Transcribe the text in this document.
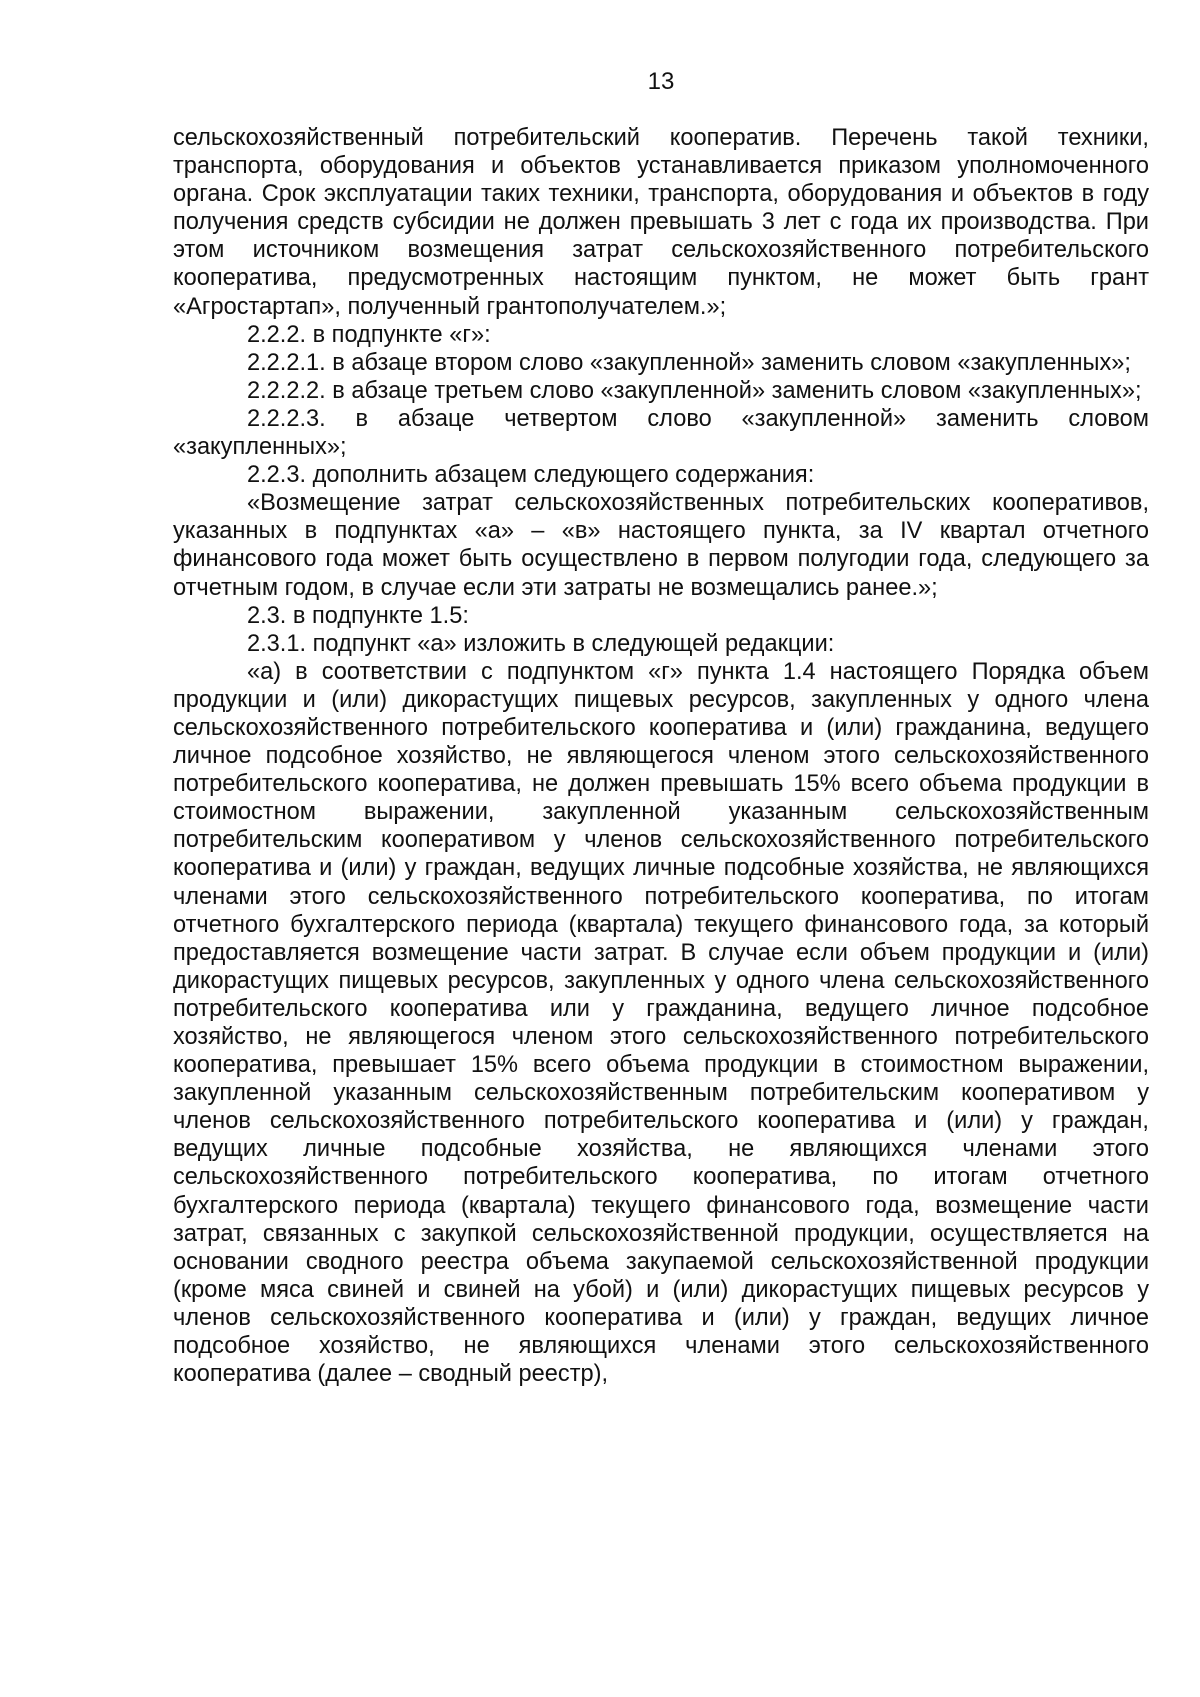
13

сельскохозяйственный потребительский кооператив. Перечень такой техники, транспорта, оборудования и объектов устанавливается приказом уполномоченного органа. Срок эксплуатации таких техники, транспорта, оборудования и объектов в году получения средств субсидии не должен превышать 3 лет с года их производства. При этом источником возмещения затрат сельскохозяйственного потребительского кооператива, предусмотренных настоящим пунктом, не может быть грант «Агростартап», полученный грантополучателем.»;

2.2.2. в подпункте «г»:

2.2.2.1. в абзаце втором слово «закупленной» заменить словом «закупленных»;

2.2.2.2. в абзаце третьем слово «закупленной» заменить словом «закупленных»;

2.2.2.3. в абзаце четвертом слово «закупленной» заменить словом «закупленных»;

2.2.3. дополнить абзацем следующего содержания:

«Возмещение затрат сельскохозяйственных потребительских кооперативов, указанных в подпунктах «а» – «в» настоящего пункта, за IV квартал отчетного финансового года может быть осуществлено в первом полугодии года, следующего за отчетным годом, в случае если эти затраты не возмещались ранее.»;

2.3. в подпункте 1.5:

2.3.1. подпункт «а» изложить в следующей редакции:

«а) в соответствии с подпунктом «г» пункта 1.4 настоящего Порядка объем продукции и (или) дикорастущих пищевых ресурсов, закупленных у одного члена сельскохозяйственного потребительского кооператива и (или) гражданина, ведущего личное подсобное хозяйство, не являющегося членом этого сельскохозяйственного потребительского кооператива, не должен превышать 15% всего объема продукции в стоимостном выражении, закупленной указанным сельскохозяйственным потребительским кооперативом у членов сельскохозяйственного потребительского кооператива и (или) у граждан, ведущих личные подсобные хозяйства, не являющихся членами этого сельскохозяйственного потребительского кооператива, по итогам отчетного бухгалтерского периода (квартала) текущего финансового года, за который предоставляется возмещение части затрат. В случае если объем продукции и (или) дикорастущих пищевых ресурсов, закупленных у одного члена сельскохозяйственного потребительского кооператива или у гражданина, ведущего личное подсобное хозяйство, не являющегося членом этого сельскохозяйственного потребительского кооператива, превышает 15% всего объема продукции в стоимостном выражении, закупленной указанным сельскохозяйственным потребительским кооперативом у членов сельскохозяйственного потребительского кооператива и (или) у граждан, ведущих личные подсобные хозяйства, не являющихся членами этого сельскохозяйственного потребительского кооператива, по итогам отчетного бухгалтерского периода (квартала) текущего финансового года, возмещение части затрат, связанных с закупкой сельскохозяйственной продукции, осуществляется на основании сводного реестра объема закупаемой сельскохозяйственной продукции (кроме мяса свиней и свиней на убой) и (или) дикорастущих пищевых ресурсов у членов сельскохозяйственного кооператива и (или) у граждан, ведущих личное подсобное хозяйство, не являющихся членами этого сельскохозяйственного кооператива (далее – сводный реестр),
